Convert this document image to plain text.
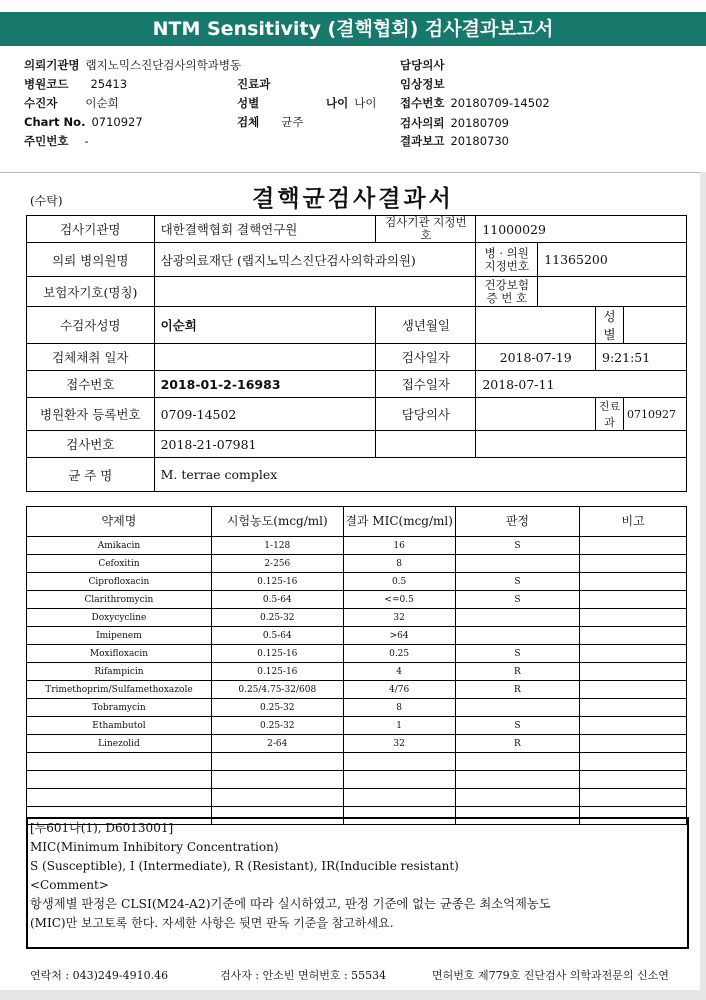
NTM Sensitivity (결핵협회) 검사결과보고서
의뢰기관명 랩지노믹스진단검사의학과병동
병원코드 25413
수진자 이순희
Chart No. 0710927
주민번호 -
진료과
성별	나이 나이
검체 균주
담당의사
임상정보
접수번호 20180709-14502
검사의뢰 20180709
결과보고 20180730
(수탁)	결핵균검사결과서
검사기관명	대한결핵협회 결핵연구원	검사기관 지정번호	11000029			
의뢰 병의원명	삼광의료재단 (랩지노믹스진단검사의학과의원)		병 · 의원 지정번호	11365200		
보험자기호(명칭)			건강보험 증 번 호			
수검자성명	이순희	생년월일			성별	
검체채취 일자		검사일자	2018-07-19		9:21:51	
접수번호	2018-01-2-16983	접수일자	2018-07-11			
병원환자 등록번호	0709-14502	담당의사			진료과	0710927
검사번호	2018-21-07981					
균 주 명	M. terrae complex					
약제명	시험농도(mcg/ml)	결과 MIC(mcg/ml)	판정	비고
Amikacin	1-128	16	S	
Cefoxitin	2-256	8		
Ciprofloxacin	0.125-16	0.5	S	
Clarithromycin	0.5-64	<=0.5	S	
Doxycycline	0.25-32	32		
Imipenem	0.5-64	>64		
Moxifloxacin	0.125-16	0.25	S	
Rifampicin	0.125-16	4	R	
Trimethoprim/Sulfamethoxazole	0.25/4.75-32/608	4/76	R	
Tobramycin	0.25-32	8		
Ethambutol	0.25-32	1	S	
Linezolid	2-64	32	R	

[누601나(1), D6013001]
MIC(Minimum Inhibitory Concentration)
S (Susceptible), I (Intermediate), R (Resistant), IR(Inducible resistant)
<Comment>
항생제별 판정은 CLSI(M24-A2)기준에 따라 실시하였고, 판정 기준에 없는 균종은 최소억제농도
(MIC)만 보고토록 한다. 자세한 사항은 뒷면 판독 기준을 참고하세요.
연락처 : 043)249-4910.46	검사자 : 안소빈 면허번호 : 55534	면허번호 제779호 진단검사 의학과전문의 신소연
